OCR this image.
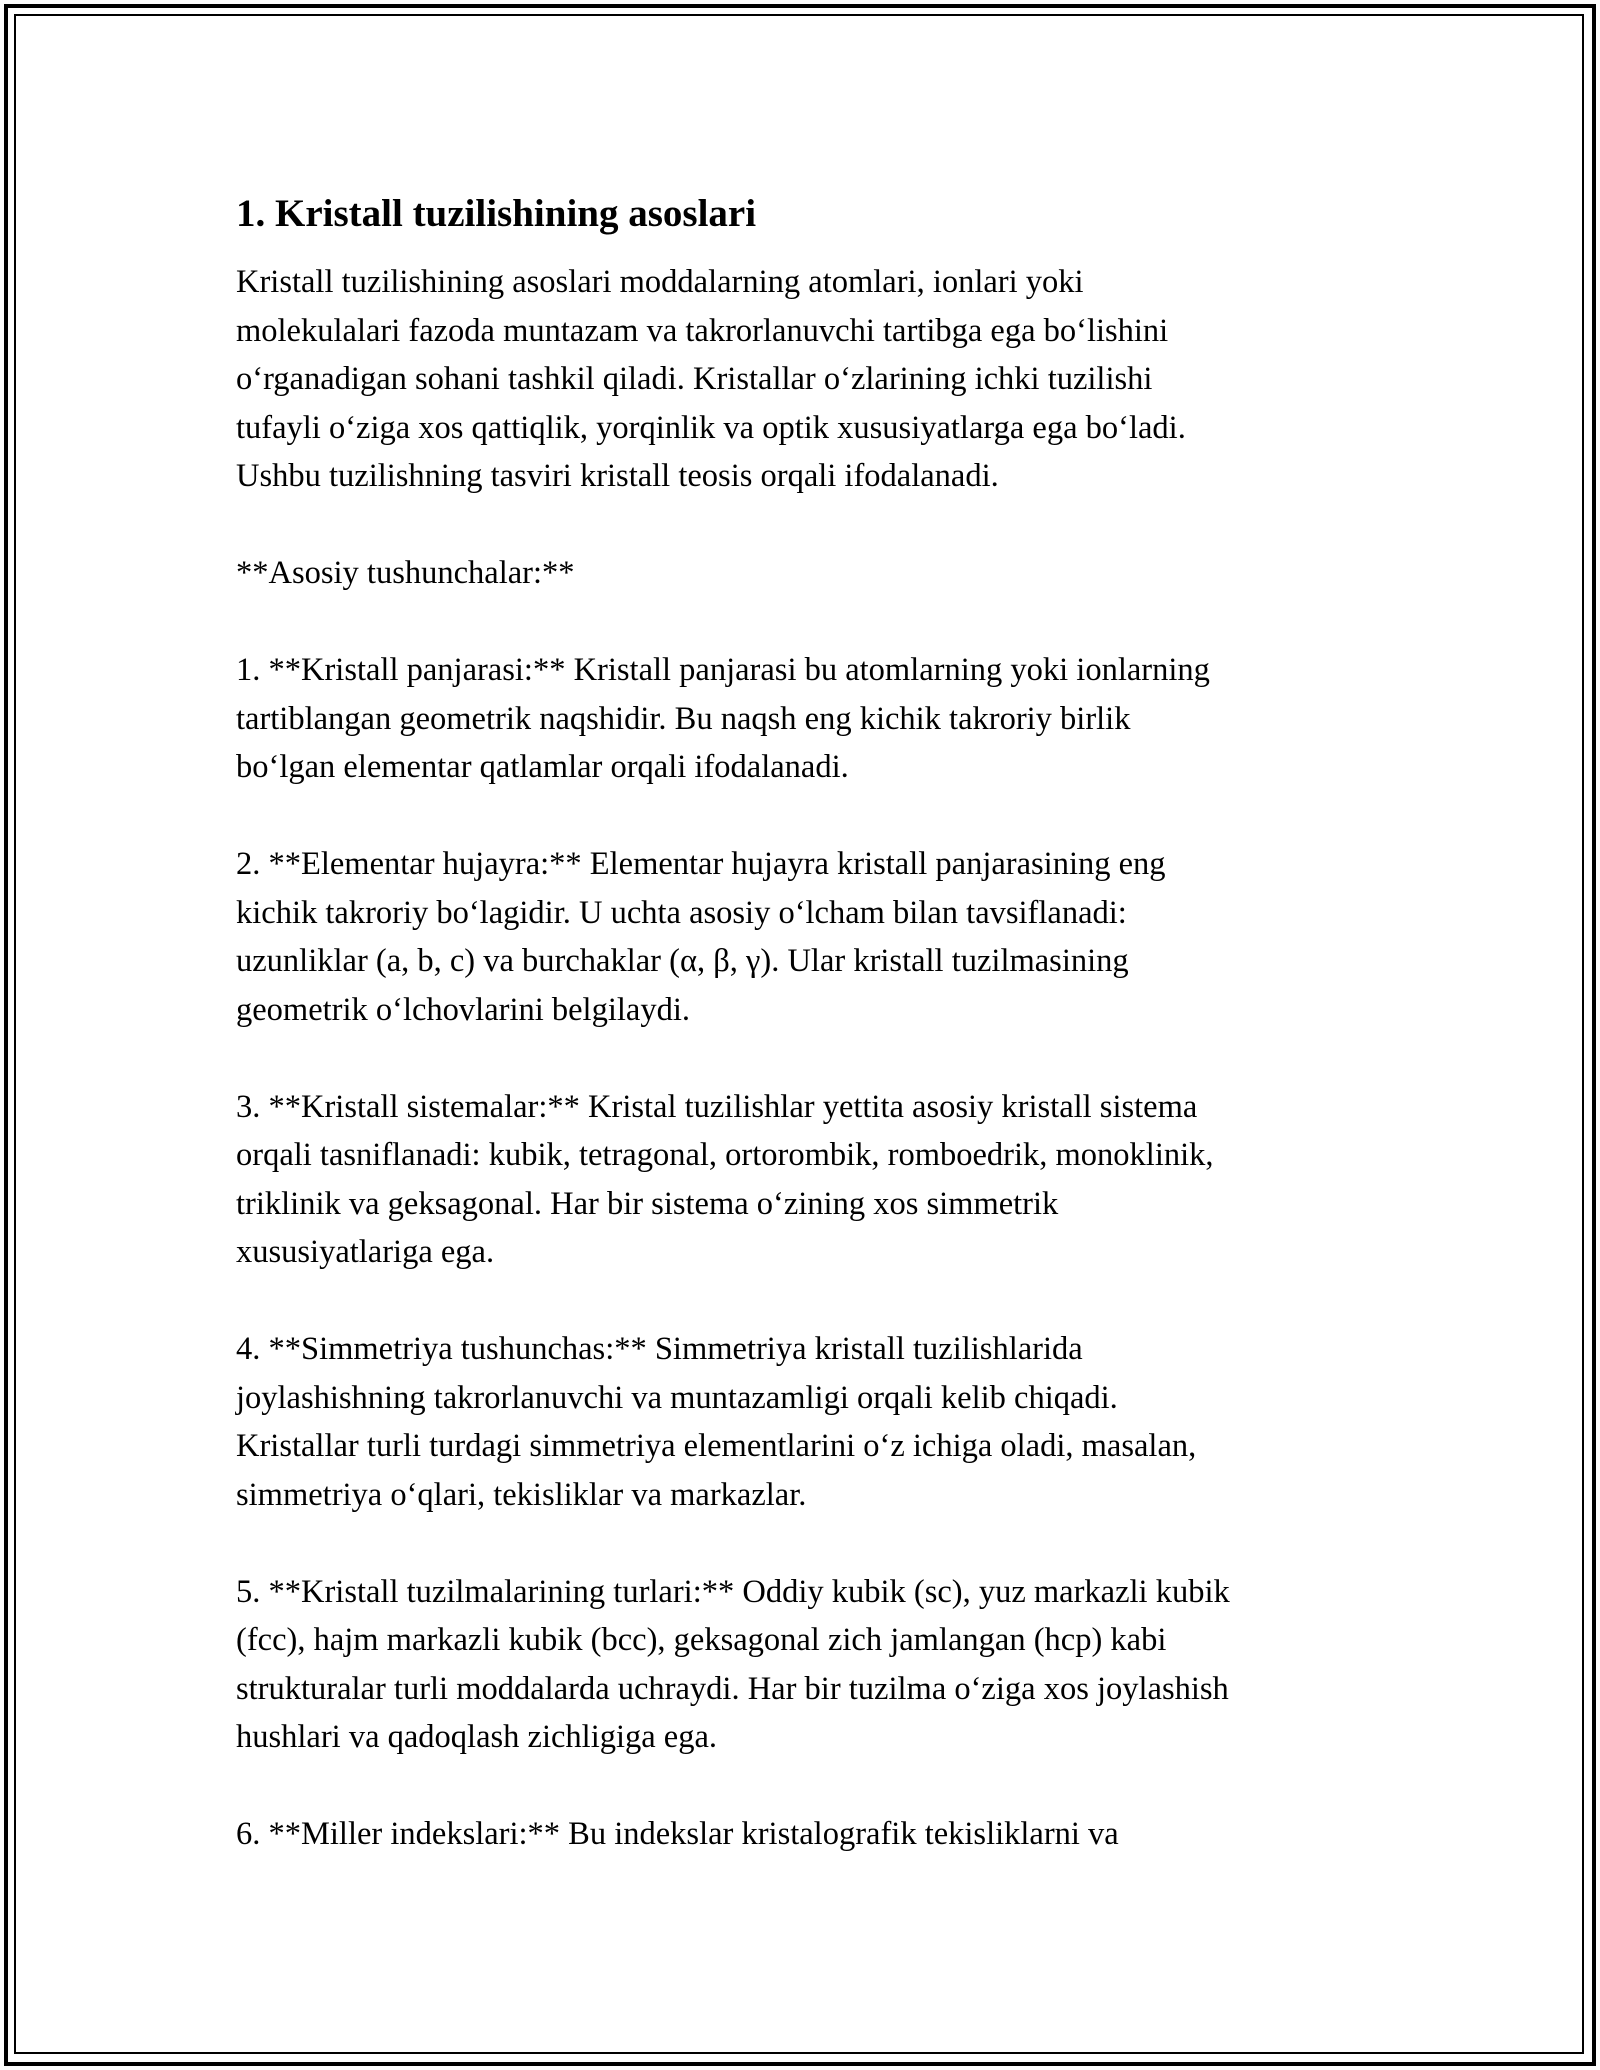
1. Kristall tuzilishining asoslari

Kristall tuzilishining asoslari moddalarning atomlari, ionlari yoki
molekulalari fazoda muntazam va takrorlanuvchi tartibga ega bo‘lishini
o‘rganadigan sohani tashkil qiladi. Kristallar o‘zlarining ichki tuzilishi
tufayli o‘ziga xos qattiqlik, yorqinlik va optik xususiyatlarga ega bo‘ladi.
Ushbu tuzilishning tasviri kristall teosis orqali ifodalanadi.

**Asosiy tushunchalar:**

1. **Kristall panjarasi:** Kristall panjarasi bu atomlarning yoki ionlarning
tartiblangan geometrik naqshidir. Bu naqsh eng kichik takroriy birlik
bo‘lgan elementar qatlamlar orqali ifodalanadi.

2. **Elementar hujayra:** Elementar hujayra kristall panjarasining eng
kichik takroriy bo‘lagidir. U uchta asosiy o‘lcham bilan tavsiflanadi:
uzunliklar (a, b, c) va burchaklar (α, β, γ). Ular kristall tuzilmasining
geometrik o‘lchovlarini belgilaydi.

3. **Kristall sistemalar:** Kristal tuzilishlar yettita asosiy kristall sistema
orqali tasniflanadi: kubik, tetragonal, ortorombik, romboedrik, monoklinik,
triklinik va geksagonal. Har bir sistema o‘zining xos simmetrik
xususiyatlariga ega.

4. **Simmetriya tushunchas:** Simmetriya kristall tuzilishlarida
joylashishning takrorlanuvchi va muntazamligi orqali kelib chiqadi.
Kristallar turli turdagi simmetriya elementlarini o‘z ichiga oladi, masalan,
simmetriya o‘qlari, tekisliklar va markazlar.

5. **Kristall tuzilmalarining turlari:** Oddiy kubik (sc), yuz markazli kubik
(fcc), hajm markazli kubik (bcc), geksagonal zich jamlangan (hcp) kabi
strukturalar turli moddalarda uchraydi. Har bir tuzilma o‘ziga xos joylashish
hushlari va qadoqlash zichligiga ega.

6. **Miller indekslari:** Bu indekslar kristalografik tekisliklarni va
